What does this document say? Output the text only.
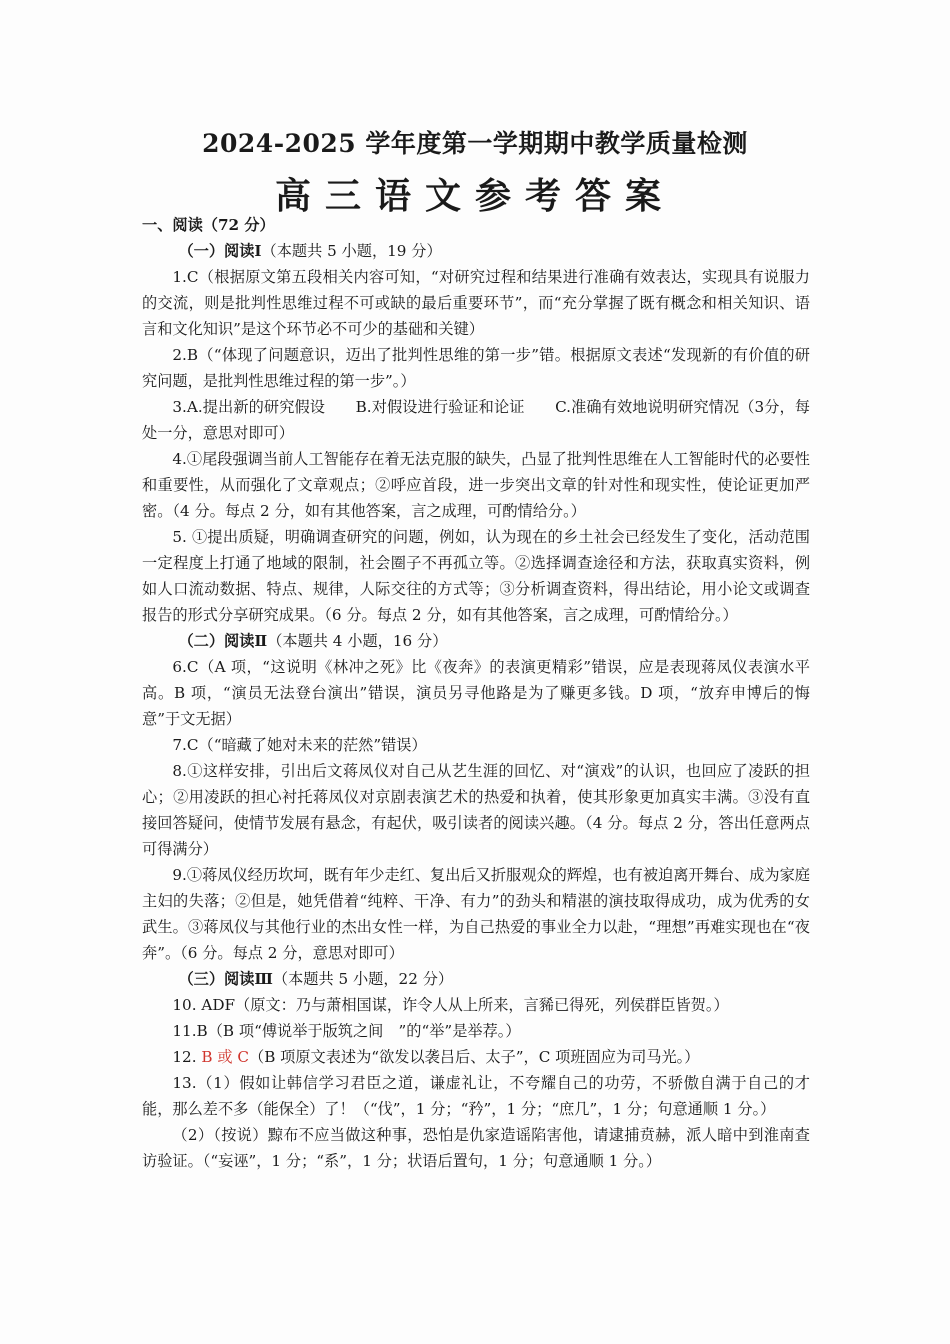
2024-2025 学年度第一学期期中教学质量检测
高三语文参考答案

一、阅读（72 分）

（一）阅读Ⅰ（本题共 5 小题，19 分）

1.C（根据原文第五段相关内容可知，“对研究过程和结果进行准确有效表达，实现具有说服力的交流，则是批判性思维过程不可或缺的最后重要环节”，而“充分掌握了既有概念和相关知识、语言和文化知识”是这个环节必不可少的基础和关键）

2.B（“体现了问题意识，迈出了批判性思维的第一步”错。根据原文表述“发现新的有价值的研究问题，是批判性思维过程的第一步”。）

3.A.提出新的研究假设　　B.对假设进行验证和论证　　C.准确有效地说明研究情况（3分，每处一分，意思对即可）

4.①尾段强调当前人工智能存在着无法克服的缺失，凸显了批判性思维在人工智能时代的必要性和重要性，从而强化了文章观点；②呼应首段，进一步突出文章的针对性和现实性，使论证更加严密。（4 分。每点 2 分，如有其他答案，言之成理，可酌情给分。）

5. ①提出质疑，明确调查研究的问题，例如，认为现在的乡土社会已经发生了变化，活动范围一定程度上打通了地域的限制，社会圈子不再孤立等。②选择调查途径和方法，获取真实资料，例如人口流动数据、特点、规律，人际交往的方式等；③分析调查资料，得出结论，用小论文或调查报告的形式分享研究成果。（6 分。每点 2 分，如有其他答案，言之成理，可酌情给分。）

（二）阅读Ⅱ（本题共 4 小题，16 分）

6.C（A 项，“这说明《林冲之死》比《夜奔》的表演更精彩”错误，应是表现蒋凤仪表演水平高。B 项，“演员无法登台演出”错误，演员另寻他路是为了赚更多钱。D 项，“放弃申博后的悔意”于文无据）

7.C（“暗藏了她对未来的茫然”错误）

8.①这样安排，引出后文蒋凤仪对自己从艺生涯的回忆、对“演戏”的认识，也回应了凌跃的担心；②用凌跃的担心衬托蒋凤仪对京剧表演艺术的热爱和执着，使其形象更加真实丰满。③没有直接回答疑问，使情节发展有悬念，有起伏，吸引读者的阅读兴趣。（4 分。每点 2 分，答出任意两点可得满分）

9.①蒋凤仪经历坎坷，既有年少走红、复出后又折服观众的辉煌，也有被迫离开舞台、成为家庭主妇的失落；②但是，她凭借着“纯粹、干净、有力”的劲头和精湛的演技取得成功，成为优秀的女武生。③蒋凤仪与其他行业的杰出女性一样，为自己热爱的事业全力以赴，“理想”再难实现也在“夜奔”。（6 分。每点 2 分，意思对即可）

（三）阅读Ⅲ（本题共 5 小题，22 分）

10. ADF（原文：乃与萧相国谋，诈令人从上所来，言豨已得死，列侯群臣皆贺。）

11.B（B 项“傅说举于版筑之间　”的“举”是举荐。）

12. B 或 C（B 项原文表述为“欲发以袭吕后、太子”，C 项班固应为司马光。）

13.（1）假如让韩信学习君臣之道，谦虚礼让，不夸耀自己的功劳，不骄傲自满于自己的才能，那么差不多（能保全）了！（“伐”，1 分；“矜”，1 分；“庶几”，1 分；句意通顺 1 分。）

（2）（按说）黥布不应当做这种事，恐怕是仇家造谣陷害他，请逮捕贲赫，派人暗中到淮南查访验证。（“妄诬”，1 分；“系”，1 分；状语后置句，1 分；句意通顺 1 分。）
